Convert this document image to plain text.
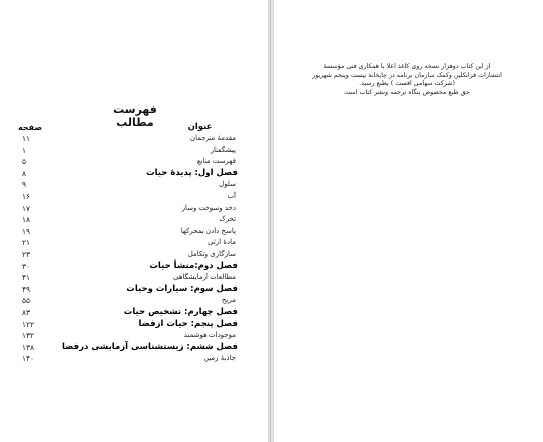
فهرست مطالب	عنوان
صفحه
مقدمهٔ مترجمان
۱۱
پیشگفتار
۱
فهرست منابع
۵
فصل اول: پدیدهٔ حیات
۸
سلول
۹
آب
۱۶
دخد وسوخت وساز
۱۷
تحرک
۱۸
پاسخ دادن بمحرکها
۱۹
مادهٔ ارثی
۲۱
سازگاری وتکامل
۲۳
فصل دوم:منشأ حیات
۳۰
مطالعات آزمایشگاهی
۴۱
فصل سوم: سیارات وحیات
۴۹
مریخ
۵۵
فصل چهارم: تشخیص حیات
۸۳
فصل پنجم: حیات ازفضا
۱۲۲
موجودات هوشمند
۱۳۲
فصل ششم: زیستشناسی آزمایشی درفضا
۱۳۸
جاذبهٔ زمین
۱۴۰
از این کتاب دوهزار نسخه روی کاغذ اعلا با همکاری فنی مؤسسهٔ
انتشارات فرانکلین وکمک سازمان برنامه در چاپخانهٔ بیست وپنجم شهریور
(شرکت سهامی افست ) بطبع رسید.
حق طبع مخصوص بنگاه ترجمه ونشر کتاب است
